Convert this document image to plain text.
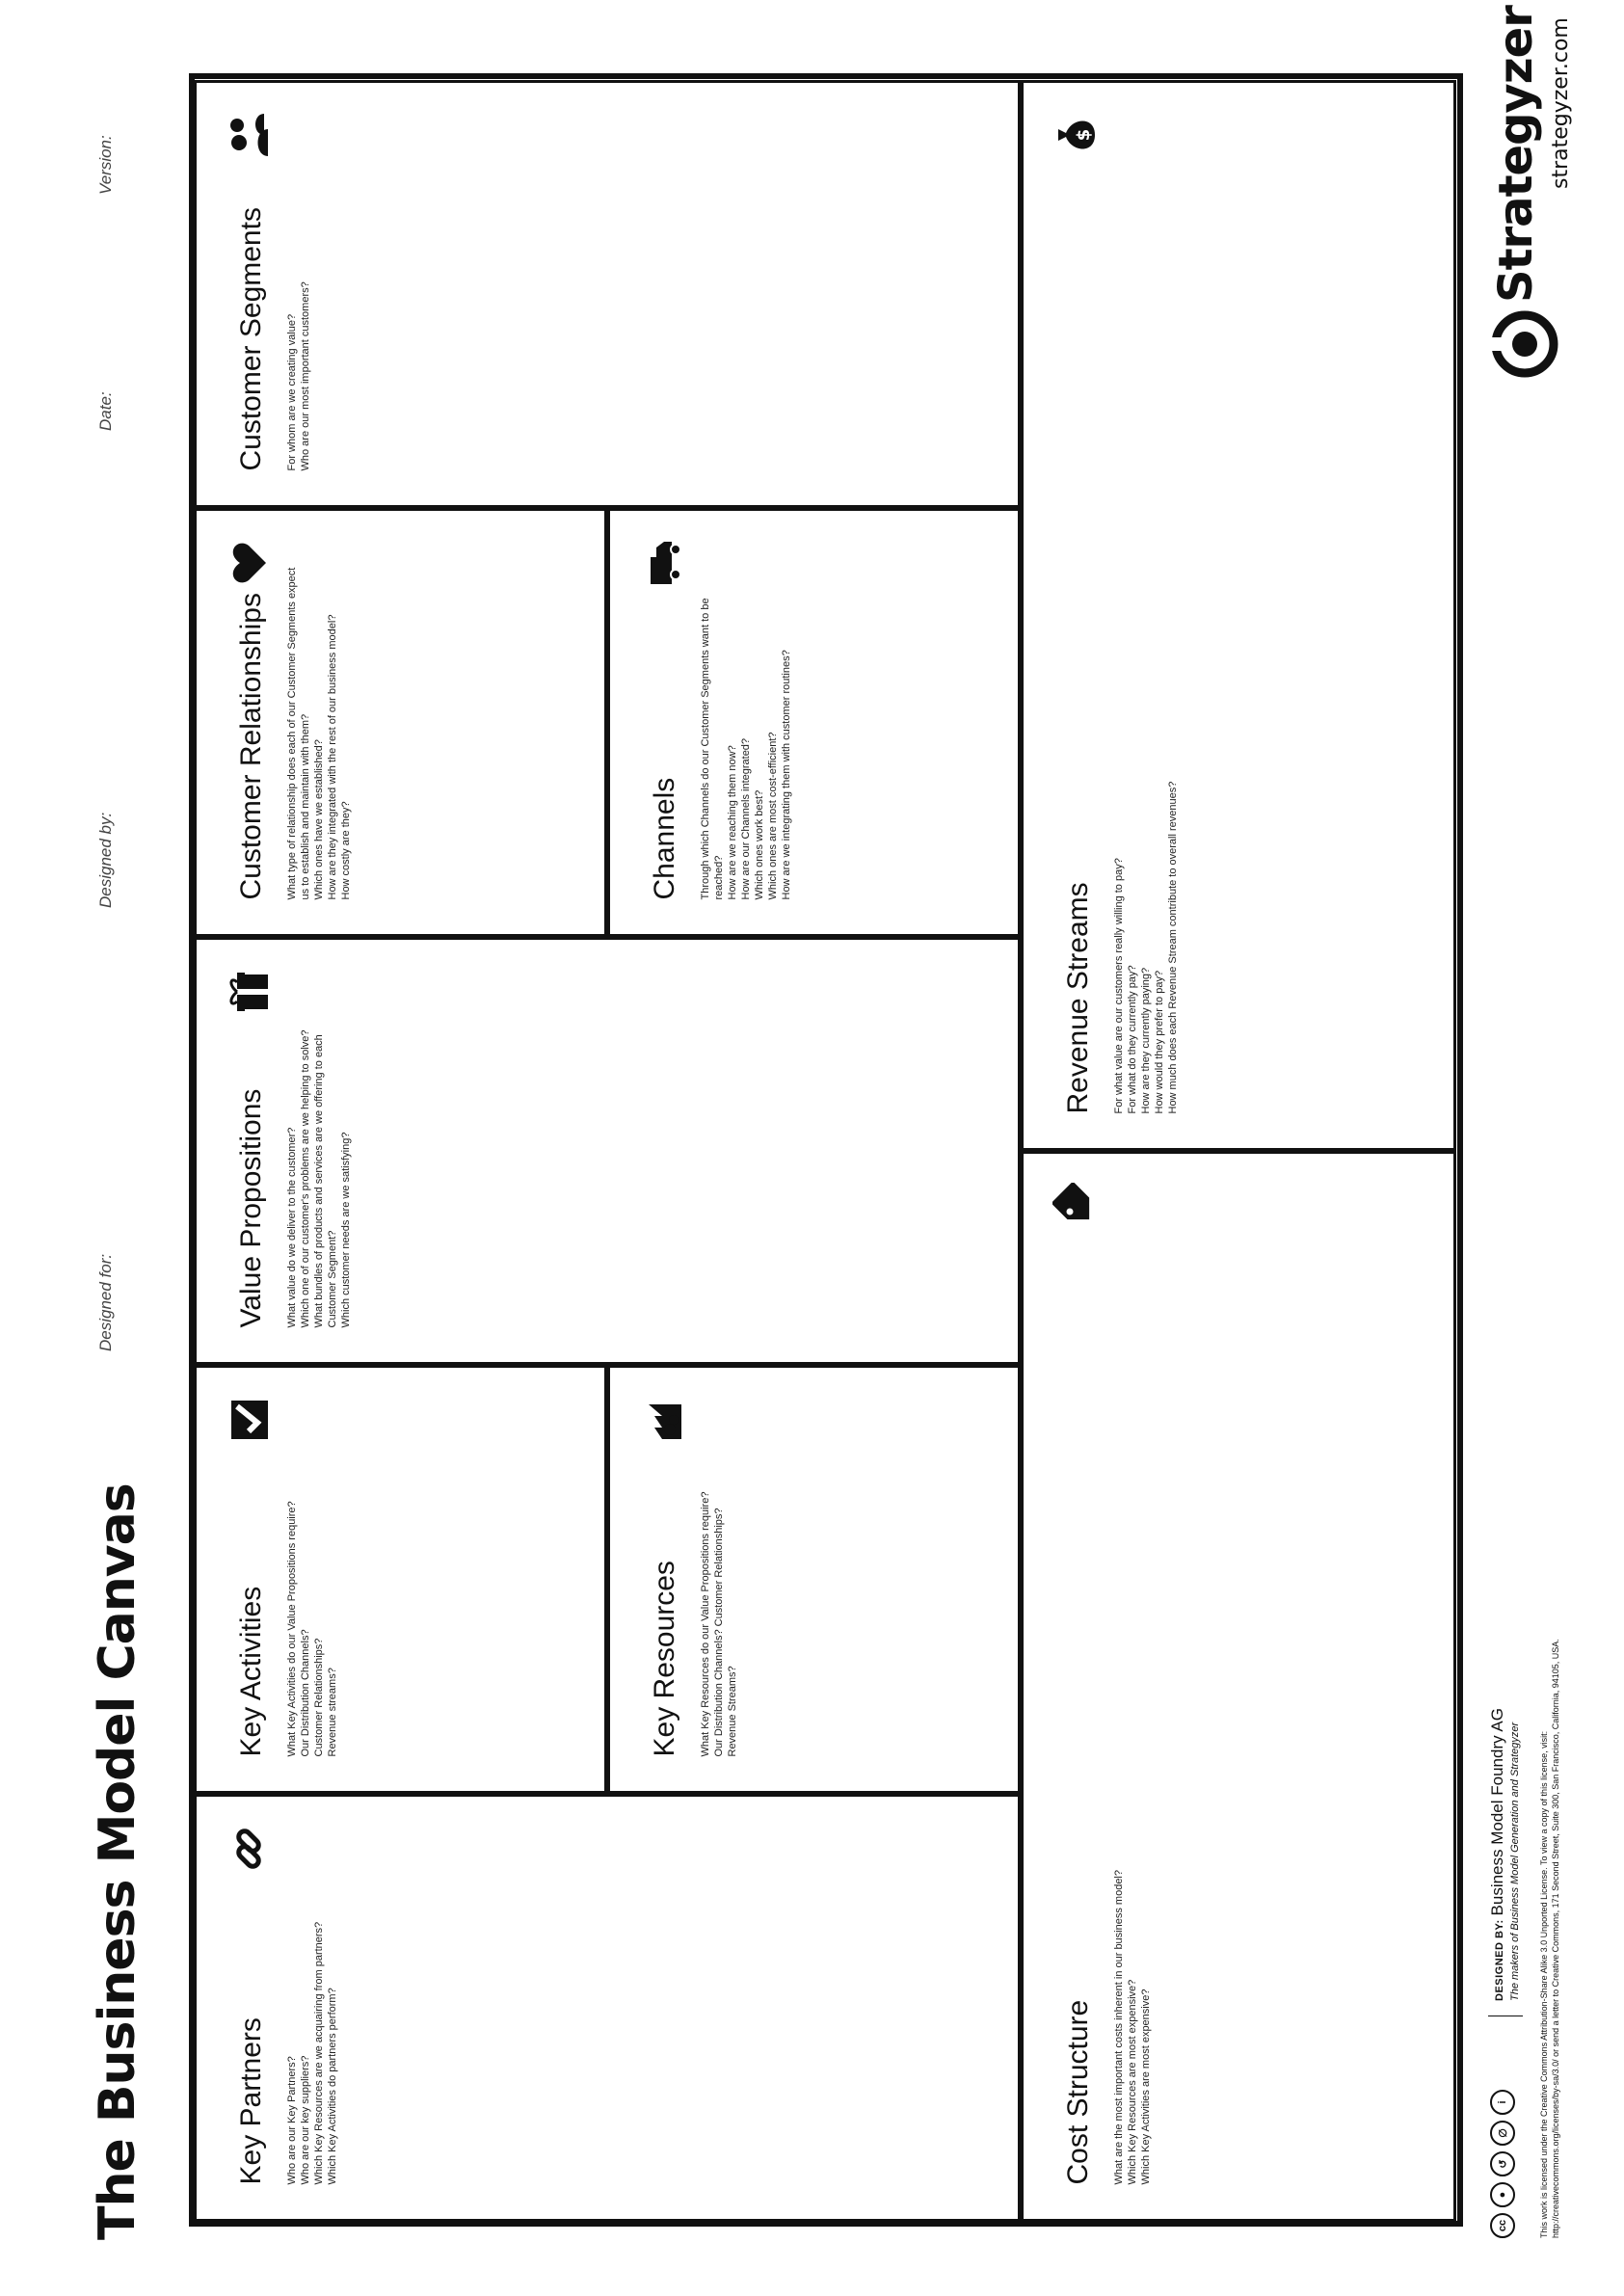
The Business Model Canvas
Designed for:
Designed by:
Date:
Version:
Key Partners Who are our Key Partners? Who are our key suppliers? Which Key Resources are we acquairing from partners? Which Key Activities do partners perform?
Key Activities What Key Activities do our Value Propositions require? Our Distribution Channels? Customer Relationships? Revenue streams?	Key Resources What Key Resources do our Value Propositions require? Our Distribution Channels? Customer Relationships? Revenue Streams?
Value Propositions What value do we deliver to the customer? Which one of our customer's problems are we helping to solve? What bundles of products and services are we offering to each Customer Segment? Which customer needs are we satisfying?
Customer Relationships What type of relationship does each of our Customer Segments expect us to establish and maintain with them? Which ones have we established? How are they integrated with the rest of our business model? How costly are they?	Channels Through which Channels do our Customer Segments want to be reached? How are we reaching them now? How are our Channels integrated? Which ones work best? Which ones are most cost-efficient? How are we integrating them with customer routines?
Customer Segments For whom are we creating value? Who are our most important customers?
Cost Structure What are the most important costs inherent in our business model? Which Key Resources are most expensive? Which Key Activities are most expensive?
Revenue Streams For what value are our customers really willing to pay? For what do they currently pay? How are they currently paying? How would they prefer to pay? How much does each Revenue Stream contribute to overall revenues?
$
cc
●
↺
∅
i
DESIGNED BY: Business Model Foundry AG The makers of Business Model Generation and Strategyzer This work is licensed under the Creative Commons Attribution-Share Alike 3.0 Unported License. To view a copy of this license, visit: http://creativecommons.org/licenses/by-sa/3.0/ or send a letter to Creative Commons, 171 Second Street, Suite 300, San Francisco, California, 94105, USA.
Strategyzer strategyzer.com
